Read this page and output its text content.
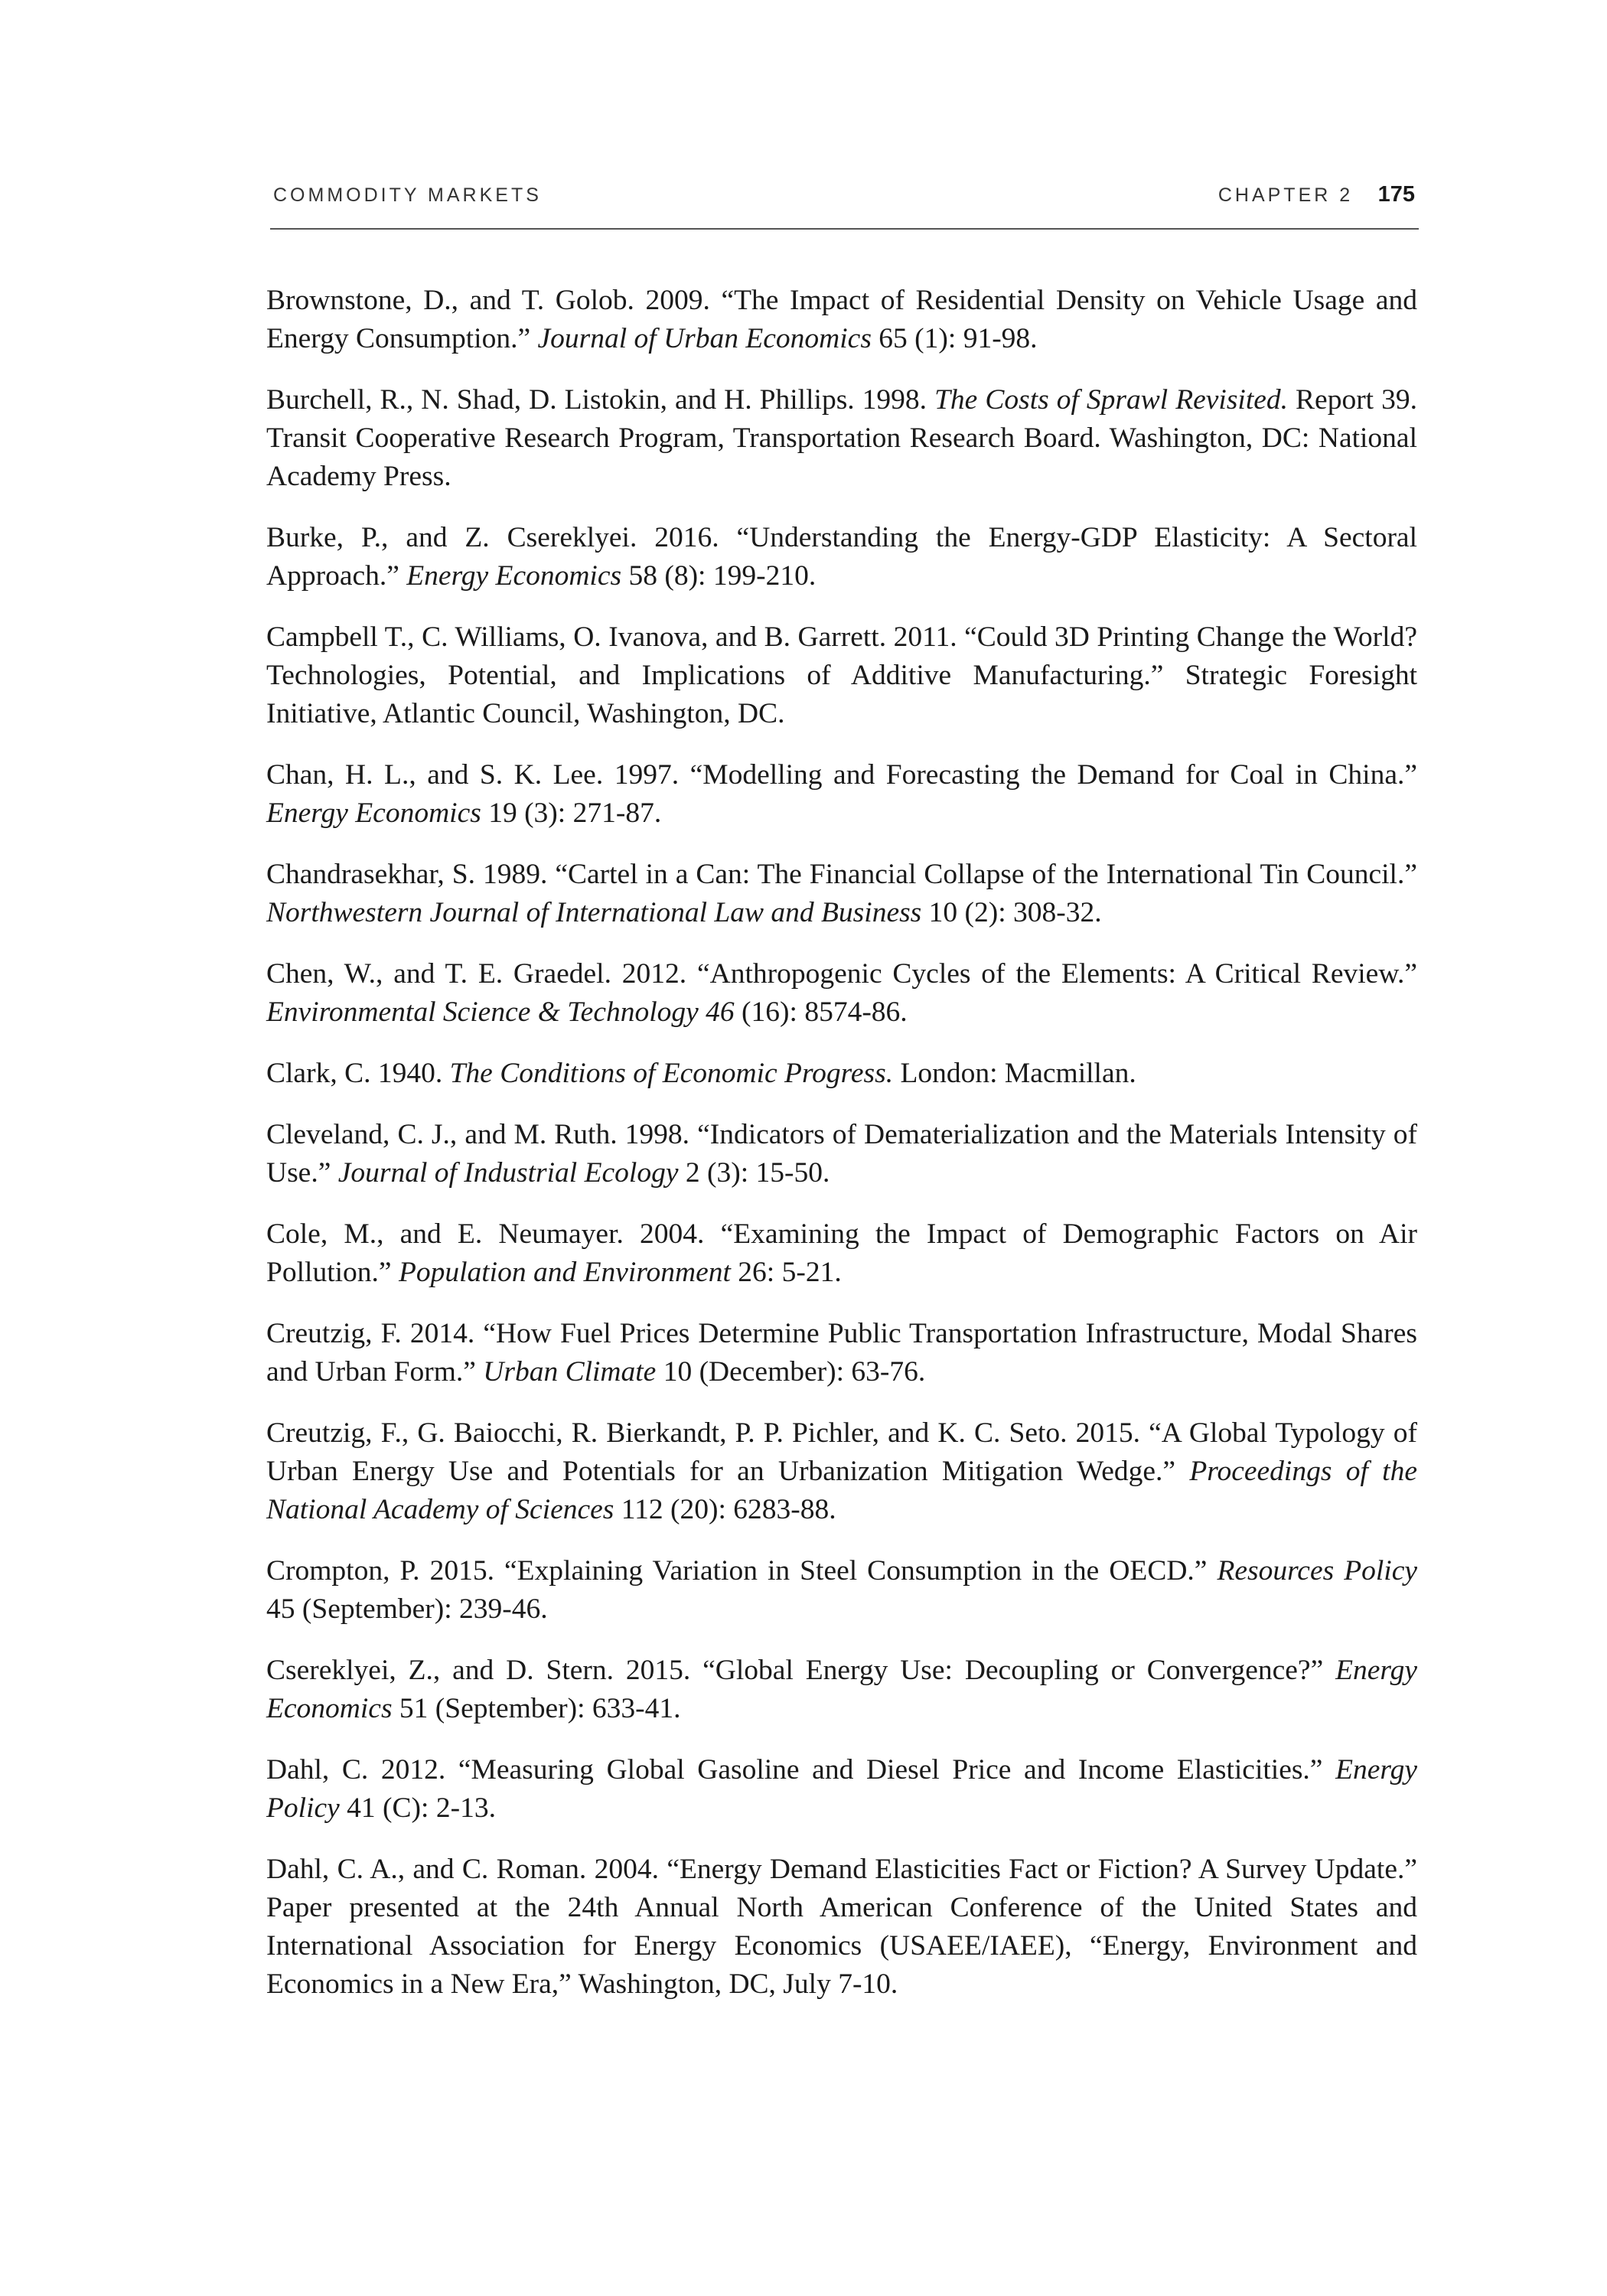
COMMODITY MARKETS	CHAPTER 2 175

Brownstone, D., and T. Golob. 2009. “The Impact of Residential Density on Vehicle Usage and Energy Consumption.” Journal of Urban Economics 65 (1): 91-98.

Burchell, R., N. Shad, D. Listokin, and H. Phillips. 1998. The Costs of Sprawl Revisited. Report 39. Transit Cooperative Research Program, Transportation Research Board. Washington, DC: National Academy Press.

Burke, P., and Z. Csereklyei. 2016. “Understanding the Energy-GDP Elasticity: A Sectoral Approach.” Energy Economics 58 (8): 199-210.

Campbell T., C. Williams, O. Ivanova, and B. Garrett. 2011. “Could 3D Printing Change the World? Technologies, Potential, and Implications of Additive Manufacturing.” Strategic Foresight Initiative, Atlantic Council, Washington, DC.

Chan, H. L., and S. K. Lee. 1997. “Modelling and Forecasting the Demand for Coal in China.” Energy Economics 19 (3): 271-87.

Chandrasekhar, S. 1989. “Cartel in a Can: The Financial Collapse of the International Tin Council.” Northwestern Journal of International Law and Business 10 (2): 308-32.

Chen, W., and T. E. Graedel. 2012. “Anthropogenic Cycles of the Elements: A Critical Review.” Environmental Science & Technology 46 (16): 8574-86.

Clark, C. 1940. The Conditions of Economic Progress. London: Macmillan.

Cleveland, C. J., and M. Ruth. 1998. “Indicators of Dematerialization and the Materials Intensity of Use.” Journal of Industrial Ecology 2 (3): 15-50.

Cole, M., and E. Neumayer. 2004. “Examining the Impact of Demographic Factors on Air Pollution.” Population and Environment 26: 5-21.

Creutzig, F. 2014. “How Fuel Prices Determine Public Transportation Infrastructure, Modal Shares and Urban Form.” Urban Climate 10 (December): 63-76.

Creutzig, F., G. Baiocchi, R. Bierkandt, P. P. Pichler, and K. C. Seto. 2015. “A Global Typology of Urban Energy Use and Potentials for an Urbanization Mitigation Wedge.” Proceedings of the National Academy of Sciences 112 (20): 6283-88.

Crompton, P. 2015. “Explaining Variation in Steel Consumption in the OECD.” Resources Policy 45 (September): 239-46.

Csereklyei, Z., and D. Stern. 2015. “Global Energy Use: Decoupling or Convergence?” Energy Economics 51 (September): 633-41.

Dahl, C. 2012. “Measuring Global Gasoline and Diesel Price and Income Elasticities.” Energy Policy 41 (C): 2-13.

Dahl, C. A., and C. Roman. 2004. “Energy Demand Elasticities Fact or Fiction? A Survey Update.” Paper presented at the 24th Annual North American Conference of the United States and International Association for Energy Economics (USAEE/IAEE), “Energy, Environment and Economics in a New Era,” Washington, DC, July 7-10.
